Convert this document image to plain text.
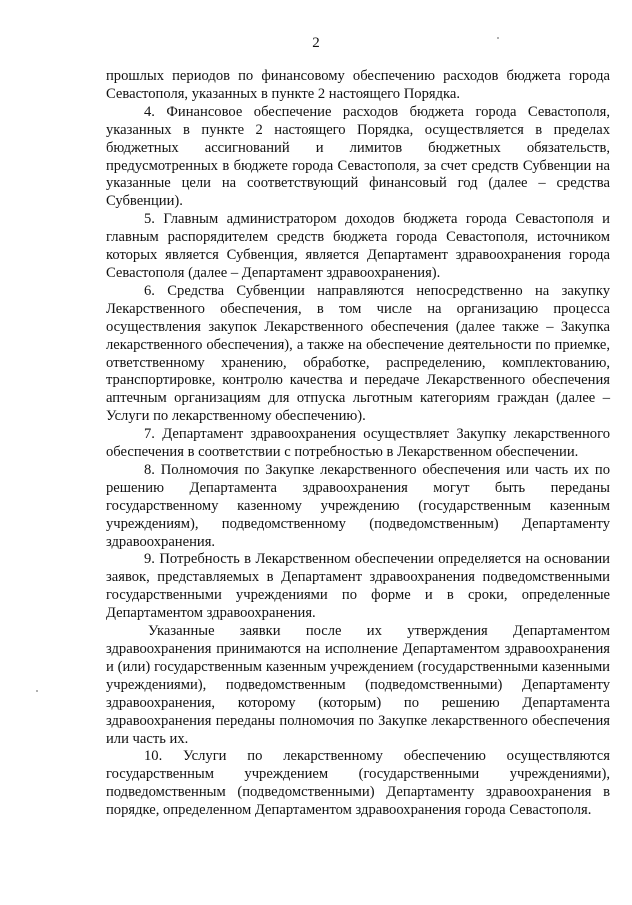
2

прошлых периодов по финансовому обеспечению расходов бюджета города Севастополя, указанных в пункте 2 настоящего Порядка.

4. Финансовое обеспечение расходов бюджета города Севастополя, указанных в пункте 2 настоящего Порядка, осуществляется в пределах бюджетных ассигнований и лимитов бюджетных обязательств, предусмотренных в бюджете города Севастополя, за счет средств Субвенции на указанные цели на соответствующий финансовый год (далее – средства Субвенции).

5. Главным администратором доходов бюджета города Севастополя и главным распорядителем средств бюджета города Севастополя, источником которых является Субвенция, является Департамент здравоохранения города Севастополя (далее – Департамент здравоохранения).

6. Средства Субвенции направляются непосредственно на закупку Лекарственного обеспечения, в том числе на организацию процесса осуществления закупок Лекарственного обеспечения (далее также – Закупка лекарственного обеспечения), а также на обеспечение деятельности по приемке, ответственному хранению, обработке, распределению, комплектованию, транспортировке, контролю качества и передаче Лекарственного обеспечения аптечным организациям для отпуска льготным категориям граждан (далее – Услуги по лекарственному обеспечению).

7. Департамент здравоохранения осуществляет Закупку лекарственного обеспечения в соответствии с потребностью в Лекарственном обеспечении.

8. Полномочия по Закупке лекарственного обеспечения или часть их по решению Департамента здравоохранения могут быть переданы государственному казенному учреждению (государственным казенным учреждениям), подведомственному (подведомственным) Департаменту здравоохранения.

9. Потребность в Лекарственном обеспечении определяется на основании заявок, представляемых в Департамент здравоохранения подведомственными государственными учреждениями по форме и в сроки, определенные Департаментом здравоохранения.

Указанные заявки после их утверждения Департаментом здравоохранения принимаются на исполнение Департаментом здравоохранения и (или) государственным казенным учреждением (государственными казенными учреждениями), подведомственным (подведомственными) Департаменту здравоохранения, которому (которым) по решению Департамента здравоохранения переданы полномочия по Закупке лекарственного обеспечения или часть их.

10. Услуги по лекарственному обеспечению осуществляются государственным учреждением (государственными учреждениями), подведомственным (подведомственными) Департаменту здравоохранения в порядке, определенном Департаментом здравоохранения города Севастополя.
